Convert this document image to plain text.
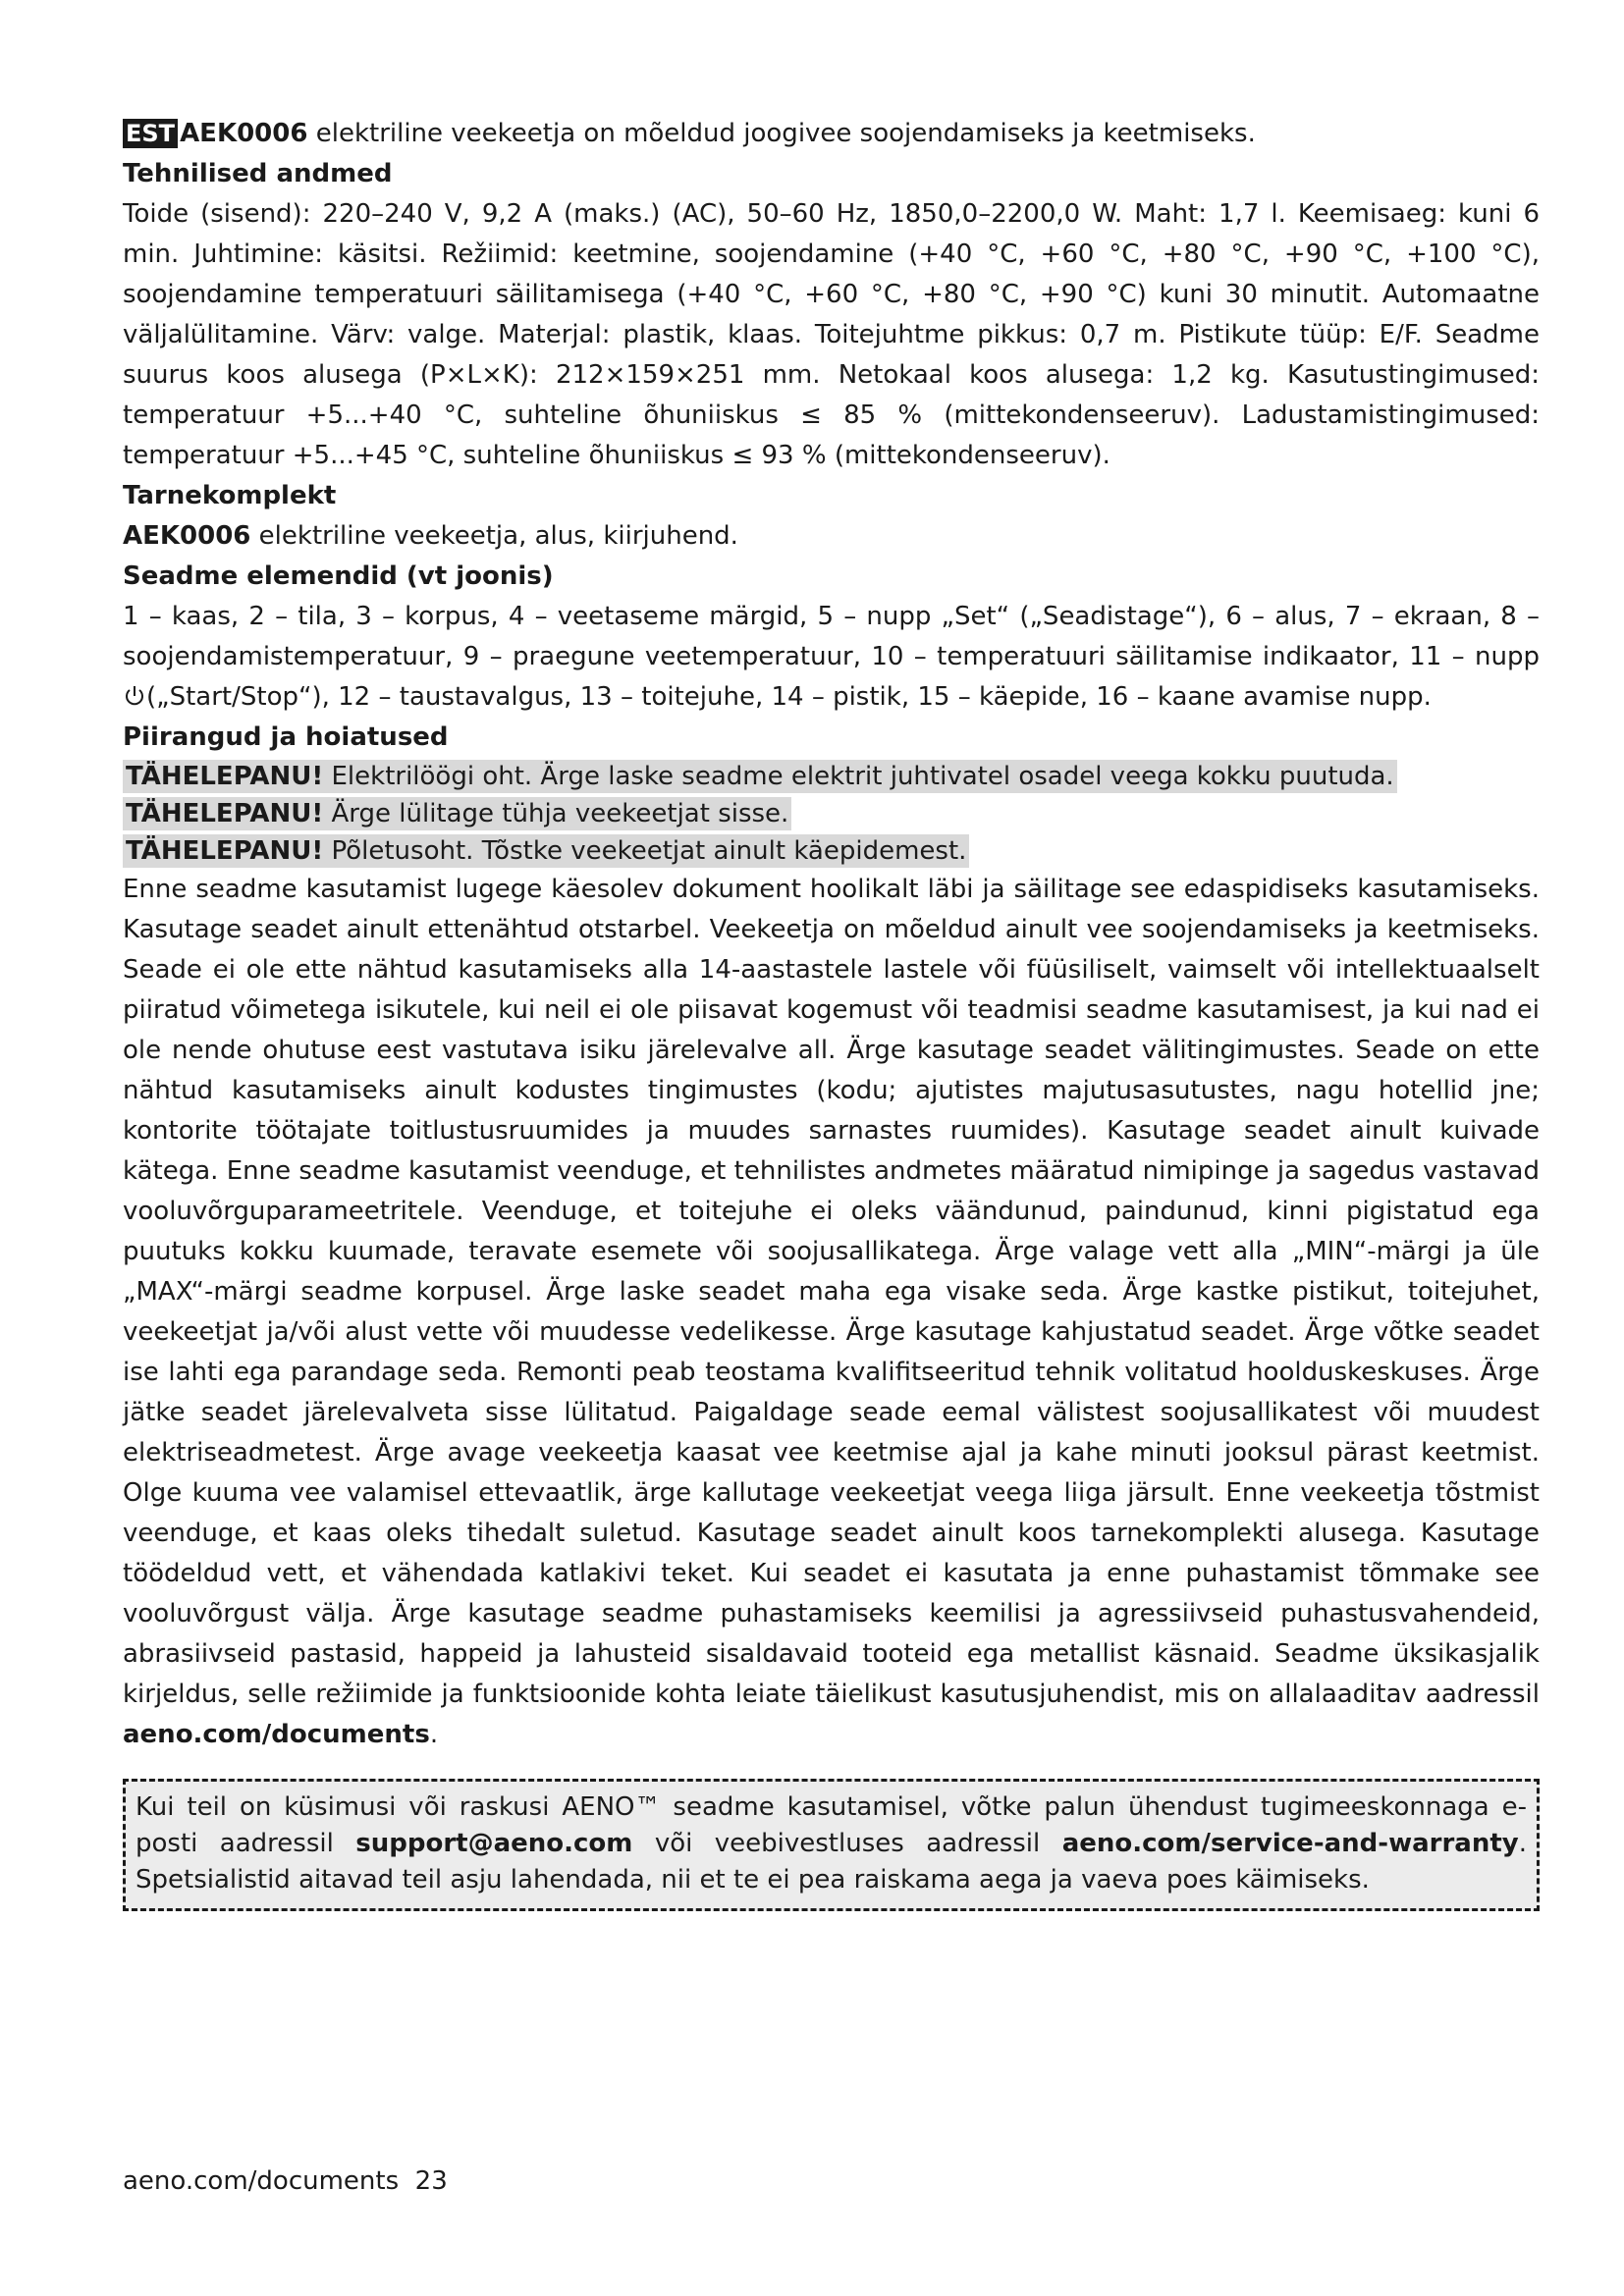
EST AEK0006 elektriline veekeetja on mõeldud joogivee soojendamiseks ja keetmiseks.

Tehnilised andmed

Toide (sisend): 220–240 V, 9,2 A (maks.) (AC), 50–60 Hz, 1850,0–2200,0 W. Maht: 1,7 l. Keemisaeg: kuni 6 min. Juhtimine: käsitsi. Režiimid: keetmine, soojendamine (+40 °C, +60 °C, +80 °C, +90 °C, +100 °C), soojendamine temperatuuri säilitamisega (+40 °C, +60 °C, +80 °C, +90 °C) kuni 30 minutit. Automaatne väljalülitamine. Värv: valge. Materjal: plastik, klaas. Toitejuhtme pikkus: 0,7 m. Pistikute tüüp: E/F. Seadme suurus koos alusega (P×L×K): 212×159×251 mm. Netokaal koos alusega: 1,2 kg. Kasutustingimused: temperatuur +5...+40 °C, suhteline õhuniiskus ≤ 85 % (mittekondenseeruv). Ladustamistingimused: temperatuur +5...+45 °C, suhteline õhuniiskus ≤ 93 % (mittekondenseeruv).

Tarnekomplekt

AEK0006 elektriline veekeetja, alus, kiirjuhend.

Seadme elemendid (vt joonis)

1 – kaas, 2 – tila, 3 – korpus, 4 – veetaseme märgid, 5 – nupp „Set“ („Seadistage“), 6 – alus, 7 – ekraan, 8 – soojendamistemperatuur, 9 – praegune veetemperatuur, 10 – temperatuuri säilitamise indikaator, 11 – nupp („Start/Stop“), 12 – taustavalgus, 13 – toitejuhe, 14 – pistik, 15 – käepide, 16 – kaane avamise nupp.

Piirangud ja hoiatused

TÄHELEPANU! Elektrilöögi oht. Ärge laske seadme elektrit juhtivatel osadel veega kokku puutuda.

TÄHELEPANU! Ärge lülitage tühja veekeetjat sisse.

TÄHELEPANU! Põletusoht. Tõstke veekeetjat ainult käepidemest.

Enne seadme kasutamist lugege käesolev dokument hoolikalt läbi ja säilitage see edaspidiseks kasutamiseks. Kasutage seadet ainult ettenähtud otstarbel. Veekeetja on mõeldud ainult vee soojendamiseks ja keetmiseks. Seade ei ole ette nähtud kasutamiseks alla 14-aastastele lastele või füüsiliselt, vaimselt või intellektuaalselt piiratud võimetega isikutele, kui neil ei ole piisavat kogemust või teadmisi seadme kasutamisest, ja kui nad ei ole nende ohutuse eest vastutava isiku järelevalve all. Ärge kasutage seadet välitingimustes. Seade on ette nähtud kasutamiseks ainult kodustes tingimustes (kodu; ajutistes majutusasutustes, nagu hotellid jne; kontorite töötajate toitlustusruumides ja muudes sarnastes ruumides). Kasutage seadet ainult kuivade kätega. Enne seadme kasutamist veenduge, et tehnilistes andmetes määratud nimipinge ja sagedus vastavad vooluvõrguparameetritele. Veenduge, et toitejuhe ei oleks väändunud, paindunud, kinni pigistatud ega puutuks kokku kuumade, teravate esemete või soojusallikatega. Ärge valage vett alla „MIN“-märgi ja üle „MAX“-märgi seadme korpusel. Ärge laske seadet maha ega visake seda. Ärge kastke pistikut, toitejuhet, veekeetjat ja/või alust vette või muudesse vedelikesse. Ärge kasutage kahjustatud seadet. Ärge võtke seadet ise lahti ega parandage seda. Remonti peab teostama kvalifitseeritud tehnik volitatud hoolduskeskuses. Ärge jätke seadet järelevalveta sisse lülitatud. Paigaldage seade eemal välistest soojusallikatest või muudest elektriseadmetest. Ärge avage veekeetja kaasat vee keetmise ajal ja kahe minuti jooksul pärast keetmist. Olge kuuma vee valamisel ettevaatlik, ärge kallutage veekeetjat veega liiga järsult. Enne veekeetja tõstmist veenduge, et kaas oleks tihedalt suletud. Kasutage seadet ainult koos tarnekomplekti alusega. Kasutage töödeldud vett, et vähendada katlakivi teket. Kui seadet ei kasutata ja enne puhastamist tõmmake see vooluvõrgust välja. Ärge kasutage seadme puhastamiseks keemilisi ja agressiivseid puhastusvahendeid, abrasiivseid pastasid, happeid ja lahusteid sisaldavaid tooteid ega metallist käsnaid. Seadme üksikasjalik kirjeldus, selle režiimide ja funktsioonide kohta leiate täielikust kasutusjuhendist, mis on allalaaditav aadressil aeno.com/documents.

Kui teil on küsimusi või raskusi AENO™ seadme kasutamisel, võtke palun ühendust tugimeeskonnaga e-posti aadressil support@aeno.com või veebivestluses aadressil aeno.com/service-and-warranty. Spetsialistid aitavad teil asju lahendada, nii et te ei pea raiskama aega ja vaeva poes käimiseks.

aeno.com/documents 23
